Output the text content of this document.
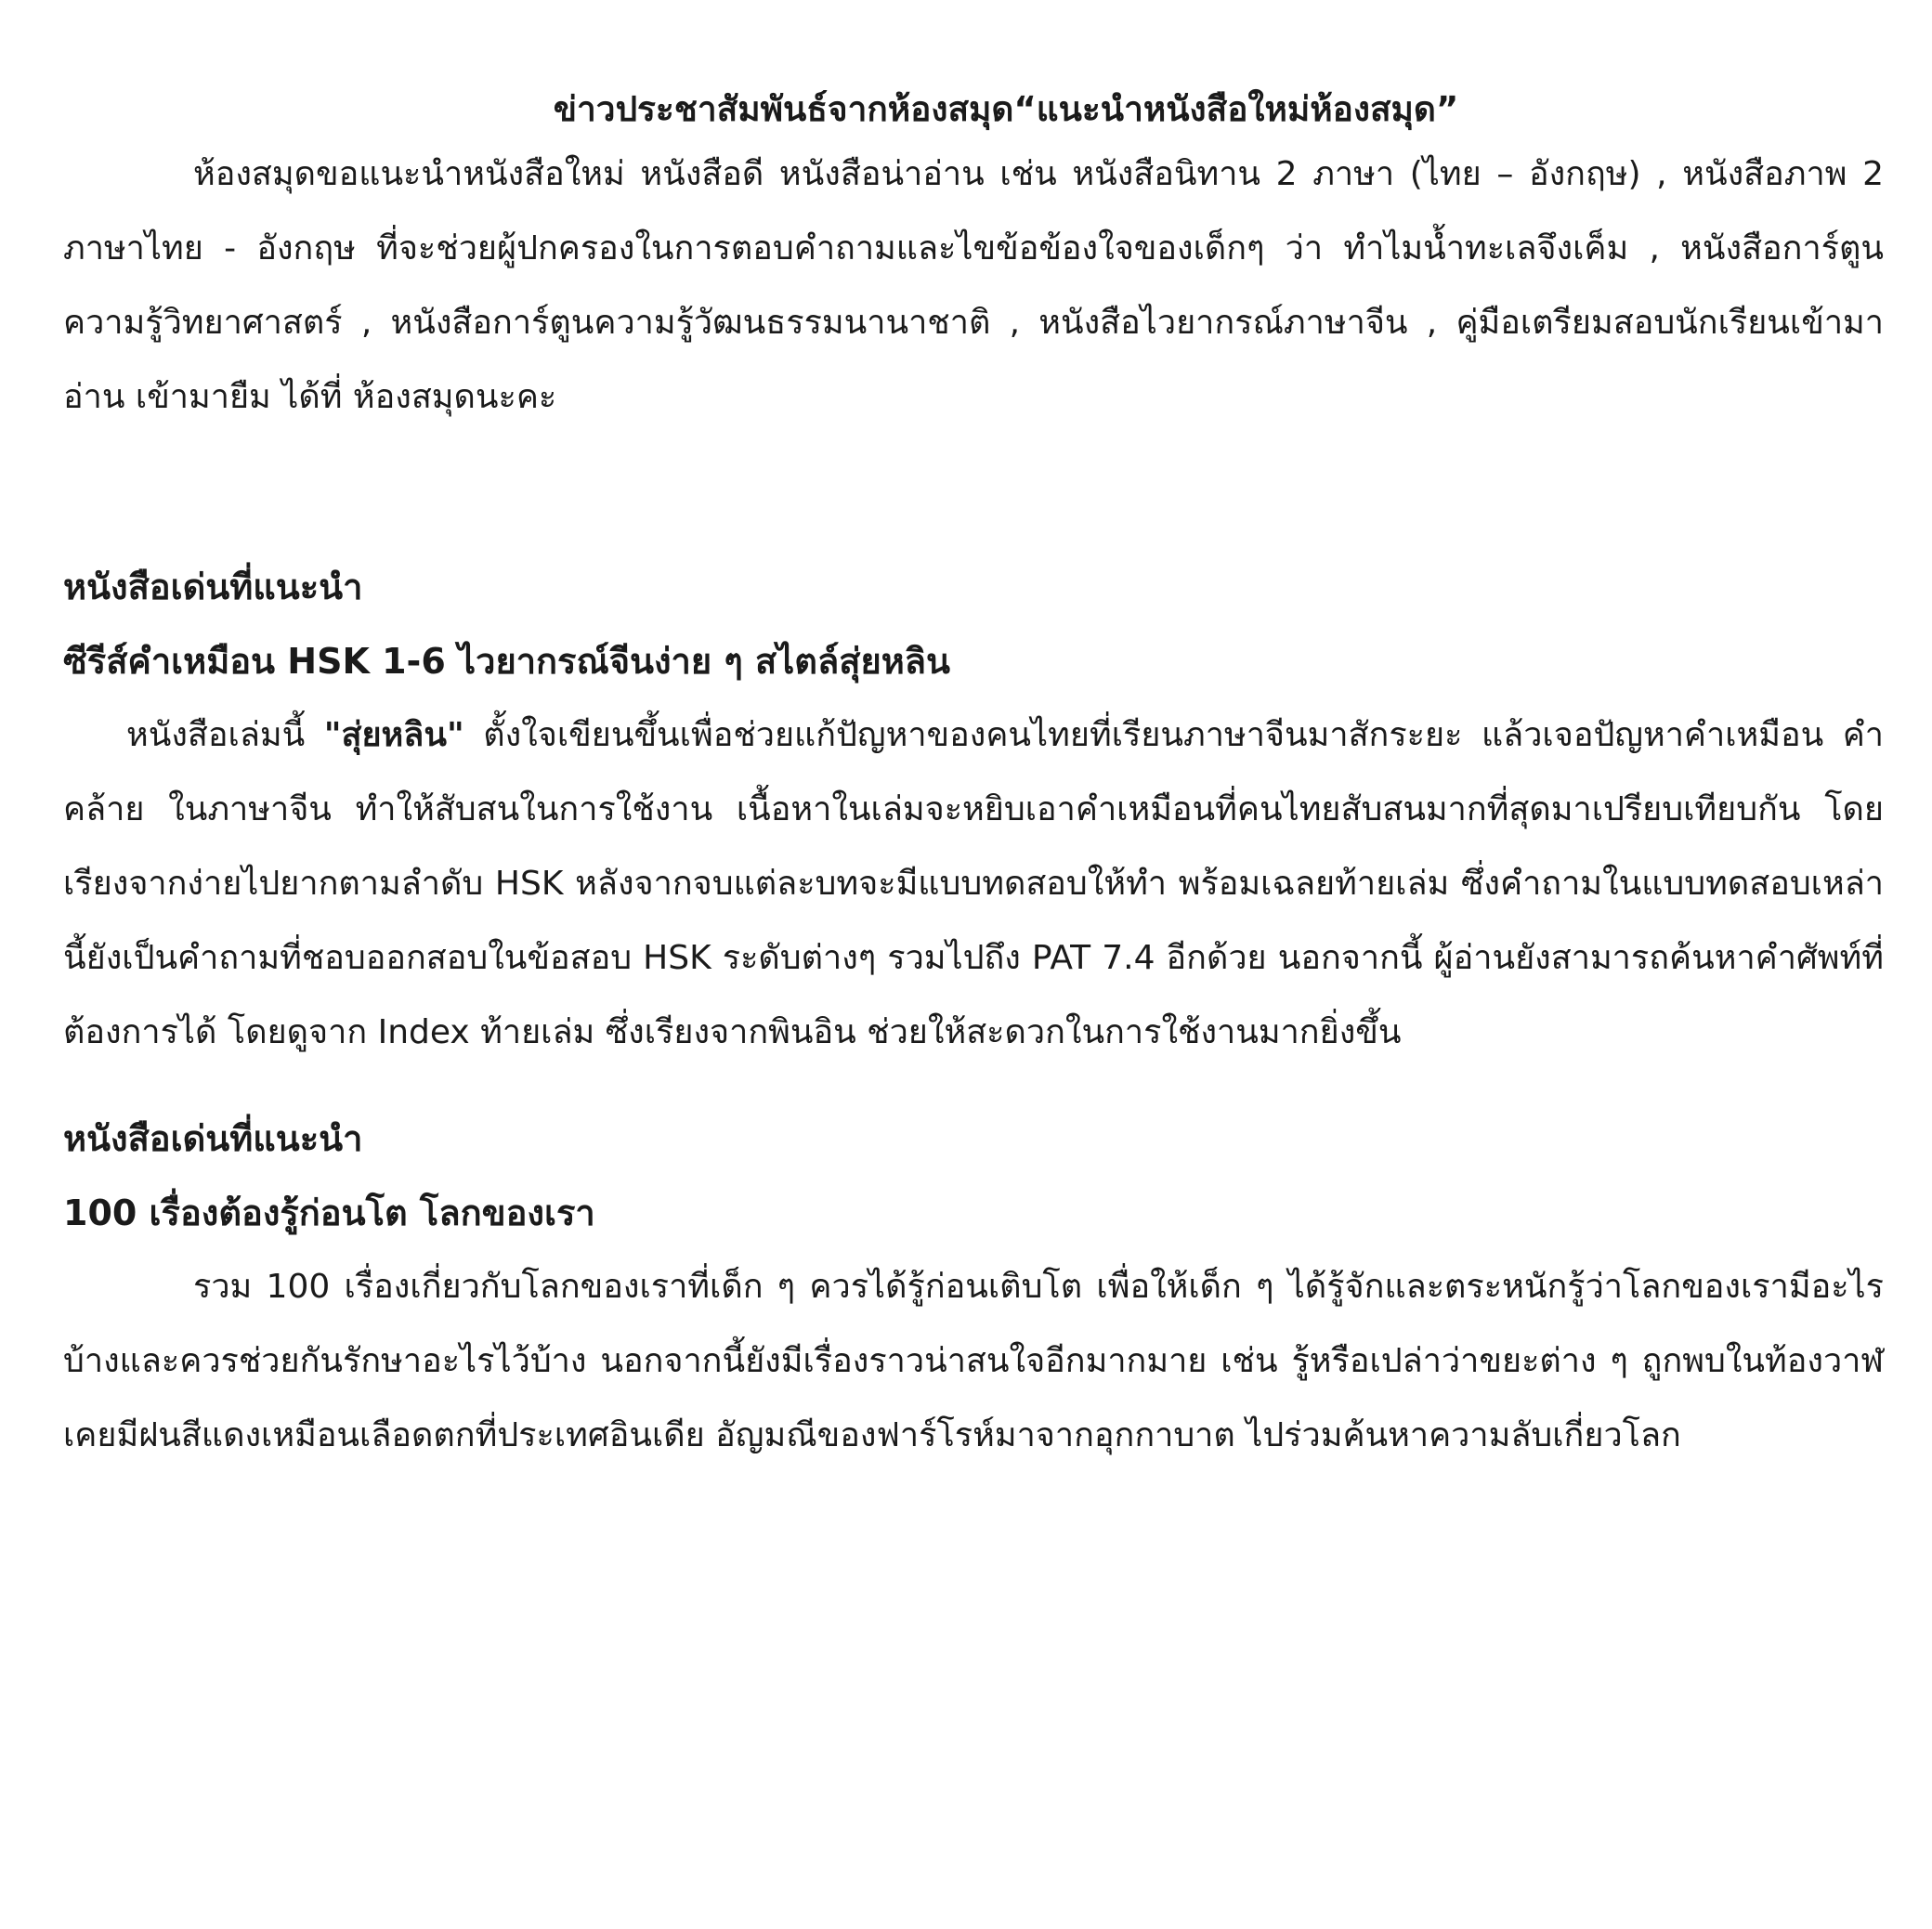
ข่าวประชาสัมพันธ์จากห้องสมุด“แนะนำหนังสือใหม่ห้องสมุด”

ห้องสมุดขอแนะนำหนังสือใหม่ หนังสือดี หนังสือน่าอ่าน เช่น หนังสือนิทาน 2 ภาษา (ไทย – อังกฤษ) , หนังสือภาพ 2 ภาษาไทย - อังกฤษ ที่จะช่วยผู้ปกครองในการตอบคำถามและไขข้อข้องใจของเด็กๆ ว่า ทำไมน้ำทะเลจึงเค็ม , หนังสือการ์ตูนความรู้วิทยาศาสตร์ , หนังสือการ์ตูนความรู้วัฒนธรรมนานาชาติ , หนังสือไวยากรณ์ภาษาจีน , คู่มือเตรียมสอบนักเรียนเข้ามาอ่าน เข้ามายืม ได้ที่ ห้องสมุดนะคะ

หนังสือเด่นที่แนะนำ

ซีรีส์คำเหมือน HSK 1-6 ไวยากรณ์จีนง่าย ๆ สไตล์สุ่ยหลิน

หนังสือเล่มนี้ "สุ่ยหลิน" ตั้งใจเขียนขึ้นเพื่อช่วยแก้ปัญหาของคนไทยที่เรียนภาษาจีนมาสักระยะ แล้วเจอปัญหาคำเหมือน คำคล้าย ในภาษาจีน ทำให้สับสนในการใช้งาน เนื้อหาในเล่มจะหยิบเอาคำเหมือนที่คนไทยสับสนมากที่สุดมาเปรียบเทียบกัน โดยเรียงจากง่ายไปยากตามลำดับ HSK หลังจากจบแต่ละบทจะมีแบบทดสอบให้ทำ พร้อมเฉลยท้ายเล่ม ซึ่งคำถามในแบบทดสอบเหล่านี้ยังเป็นคำถามที่ชอบออกสอบในข้อสอบ HSK ระดับต่างๆ รวมไปถึง PAT 7.4 อีกด้วย นอกจากนี้ ผู้อ่านยังสามารถค้นหาคำศัพท์ที่ต้องการได้ โดยดูจาก Index ท้ายเล่ม ซึ่งเรียงจากพินอิน ช่วยให้สะดวกในการใช้งานมากยิ่งขึ้น

หนังสือเด่นที่แนะนำ

100 เรื่องต้องรู้ก่อนโต โลกของเรา

รวม 100 เรื่องเกี่ยวกับโลกของเราที่เด็ก ๆ ควรได้รู้ก่อนเติบโต เพื่อให้เด็ก ๆ ได้รู้จักและตระหนักรู้ว่าโลกของเรามีอะไรบ้างและควรช่วยกันรักษาอะไรไว้บ้าง นอกจากนี้ยังมีเรื่องราวน่าสนใจอีกมากมาย เช่น รู้หรือเปล่าว่าขยะต่าง ๆ ถูกพบในท้องวาฬ เคยมีฝนสีแดงเหมือนเลือดตกที่ประเทศอินเดีย อัญมณีของฟาร์โรห์มาจากอุกกาบาต ไปร่วมค้นหาความลับเกี่ยวโลก
